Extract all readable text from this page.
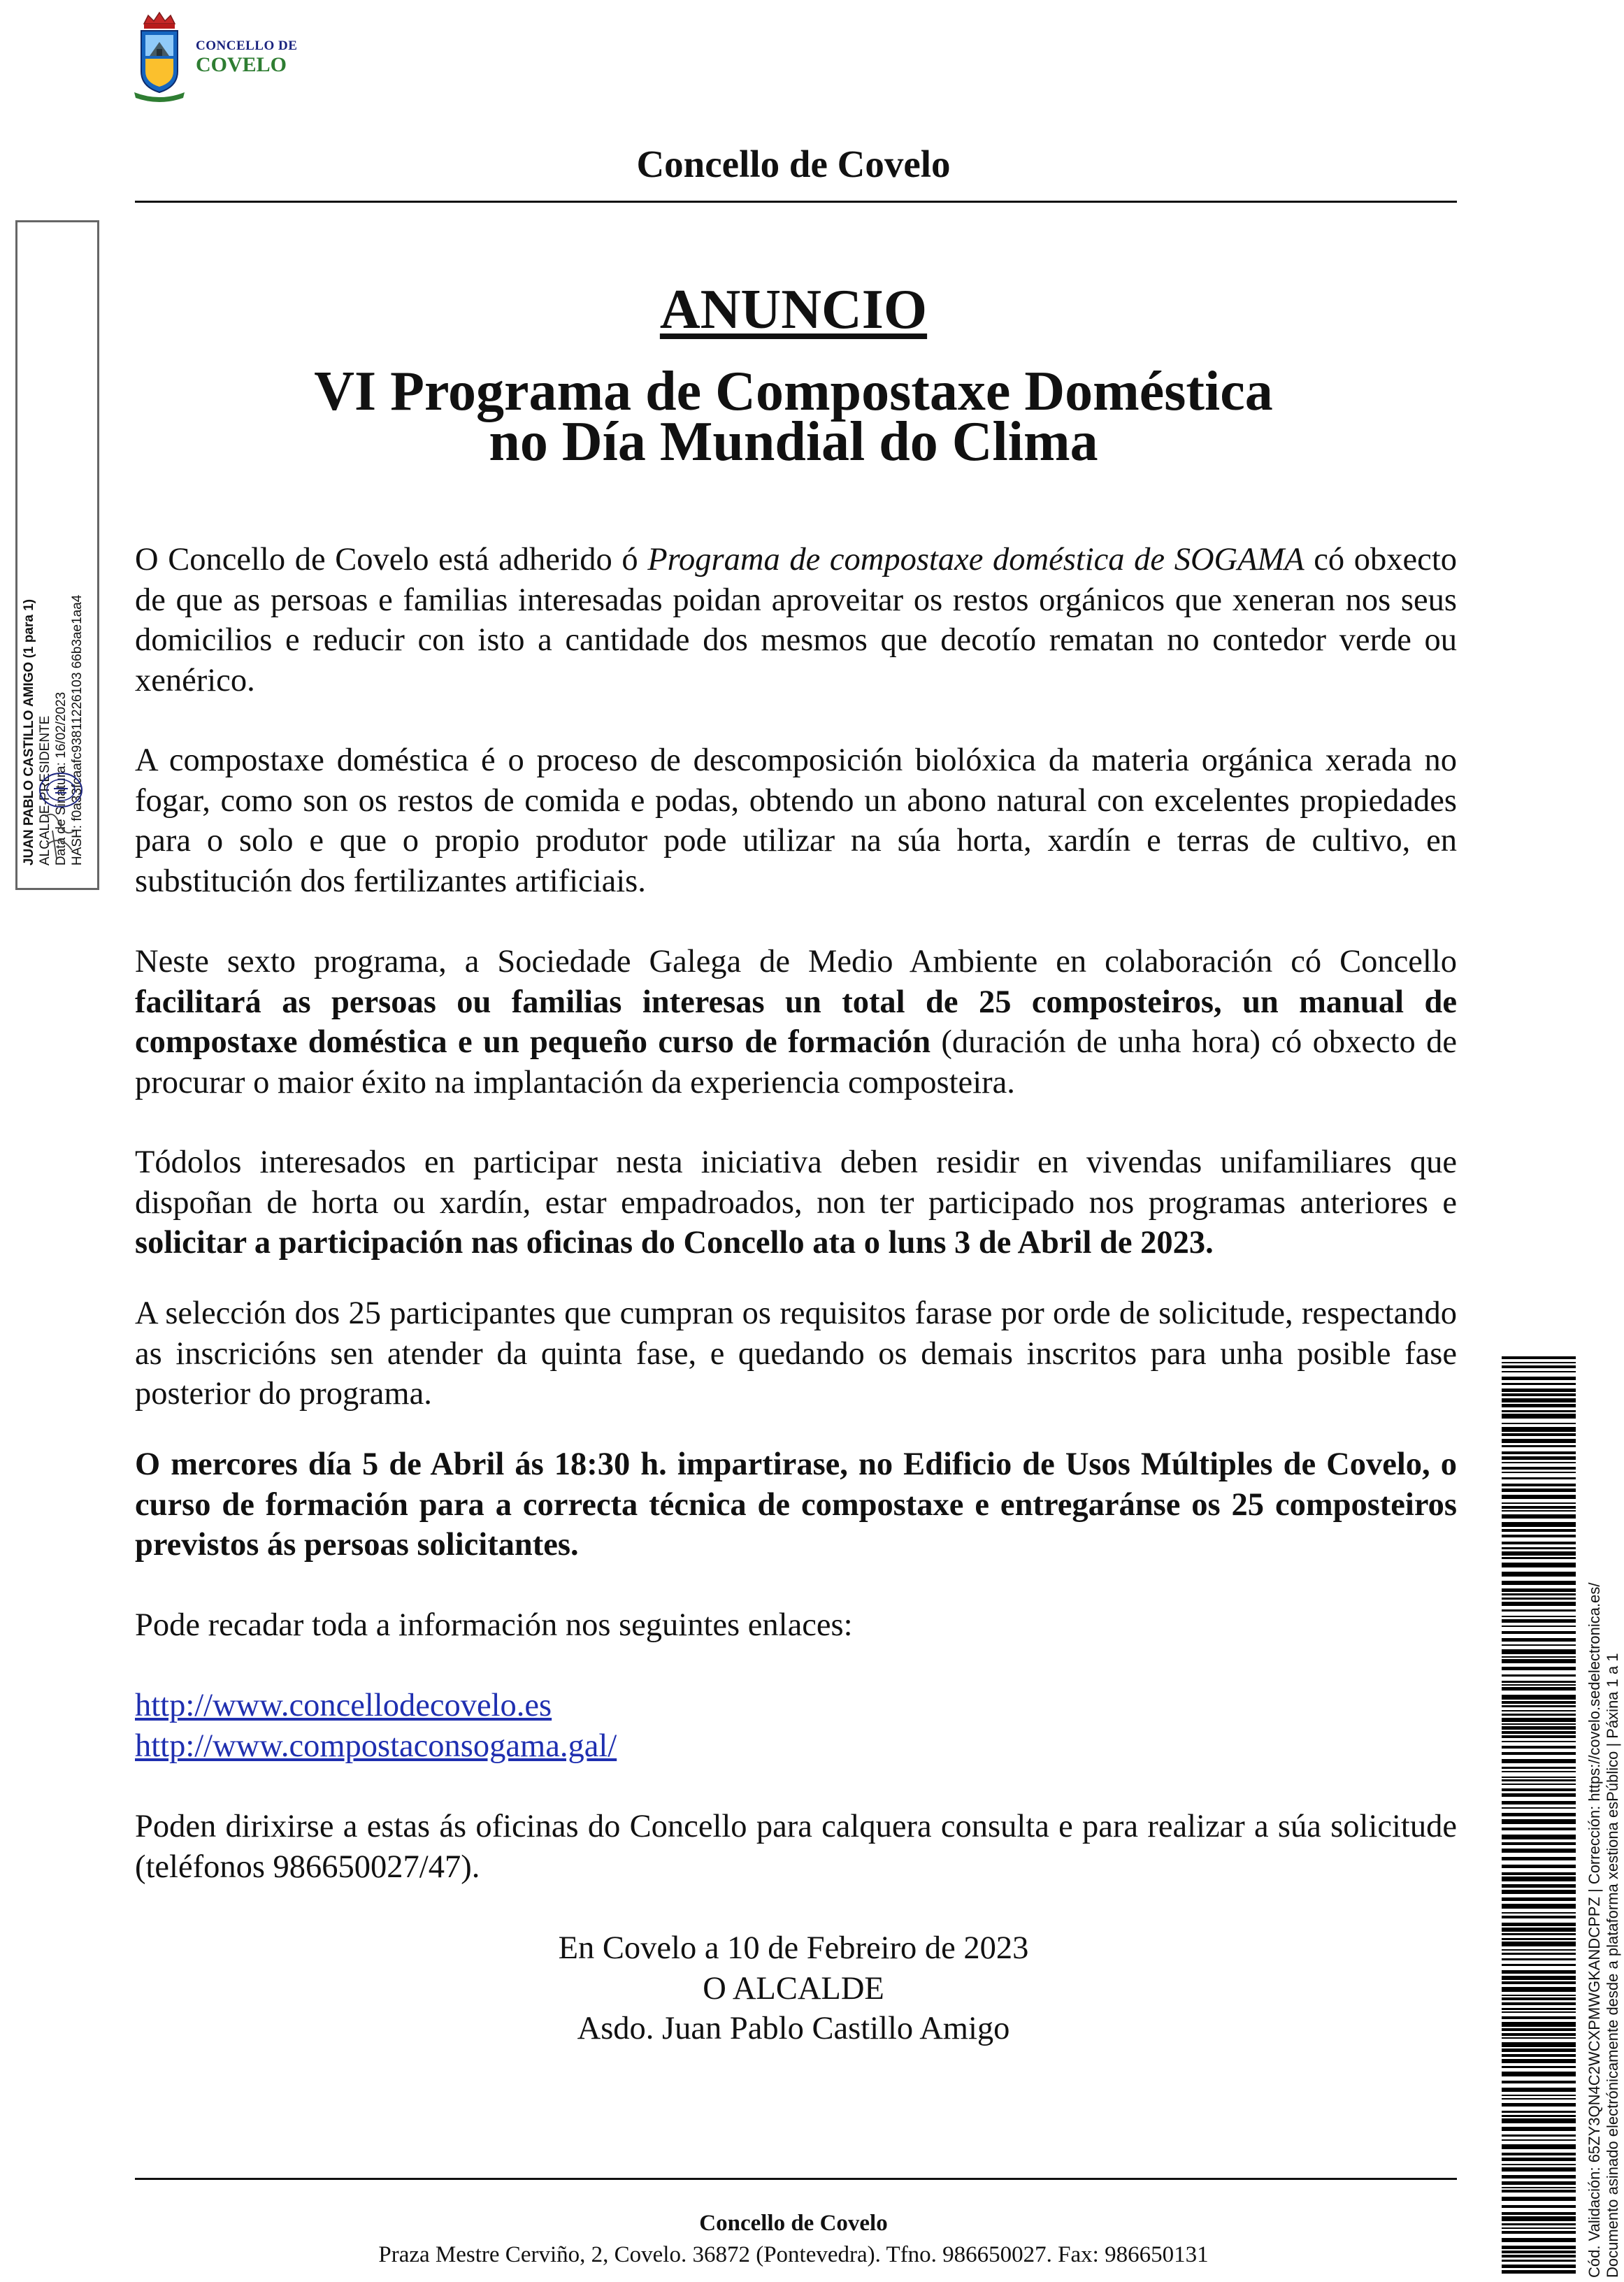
CONCELLO DE
COVELO
Concello de Covelo
ANUNCIO
VI Programa de Compostaxe Doméstica
no Día Mundial do Clima

O Concello de Covelo está adherido ó Programa de compostaxe doméstica de SOGAMA có obxecto de que as persoas e familias interesadas poidan aproveitar os restos orgánicos que xeneran nos seus domicilios e reducir con isto a cantidade dos mesmos que decotío rematan no contedor verde ou xenérico.

A compostaxe doméstica é o proceso de descomposición biolóxica da materia orgánica xerada no fogar, como son os restos de comida e podas, obtendo un abono natural con excelentes propiedades para o solo e que o propio produtor pode utilizar na súa horta, xardín e terras de cultivo, en substitución dos fertilizantes artificiais.

Neste sexto programa, a Sociedade Galega de Medio Ambiente en colaboración có Concello facilitará as persoas ou familias interesas un total de 25 composteiros, un manual de compostaxe doméstica e un pequeño curso de formación (duración de unha hora) có obxecto de procurar o maior éxito na implantación da experiencia composteira.

Tódolos interesados en participar nesta iniciativa deben residir en vivendas unifamiliares que dispoñan de horta ou xardín, estar empadroados, non ter participado nos programas anteriores e solicitar a participación nas oficinas do Concello ata o luns 3 de Abril de 2023.

A selección dos 25 participantes que cumpran os requisitos farase por orde de solicitude, respectando as inscricións sen atender da quinta fase, e quedando os demais inscritos para unha posible fase posterior do programa.

O mercores día 5 de Abril ás 18:30 h. impartirase, no Edificio de Usos Múltiples de Covelo, o curso de formación para a correcta técnica de compostaxe e entregaránse os 25 composteiros previstos ás persoas solicitantes.

Pode recadar toda a información nos seguintes enlaces:

http://www.concellodecovelo.es
http://www.compostaconsogama.gal/

Poden dirixirse a estas ás oficinas do Concello para calquera consulta e para realizar a súa solicitude (teléfonos 986650027/47).

En Covelo a 10 de Febreiro de 2023
O ALCALDE
Asdo. Juan Pablo Castillo Amigo
Concello de Covelo
Praza Mestre Cerviño, 2, Covelo. 36872 (Pontevedra). Tfno. 986650027. Fax: 986650131
JUAN PABLO CASTILLO AMIGO (1 para 1) ALCALDE-PRESIDENTE Data de Sinatura: 16/02/2023 HASH: f0a33fcaafc93811226103 66b3ae1aa4
Cód. Validación: 65ZY3QN4C2WCXPMWGKANDCPPZ | Corrección: https://covelo.sedelectronica.es/ Documento asinado electrónicamente desde a plataforma xestiona esPúblico | Páxina 1 a 1
